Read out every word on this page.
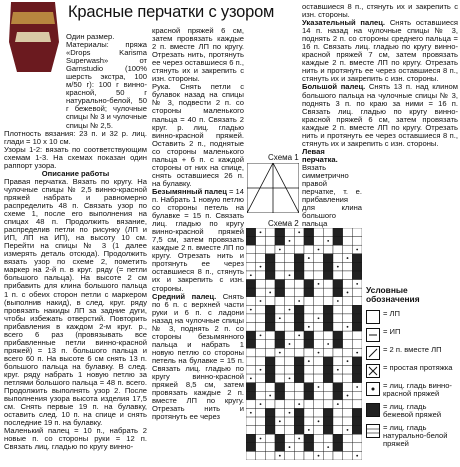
Красные перчатки с узором

Один размер.

Материалы: пряжа «Drops Karisma Superwash» от Garnstudio (100% шерсть экстра, 100 м/50 г): 100 г винно-красной, 50 г натурально-белой, 50 г бежевой; чулочные спицы № 3 и чулочные спицы № 2,5.

Плотность вязания: 23 п. и 32 р. лиц. глади = 10 х 10 см.

Узоры 1-2: вязать по соответствующим схемам 1-3. На схемах показан один раппорт узора.

Описание работы

Правая перчатка. Вязать по кругу. На чулочные спицы № 2,5 винно-красной пряжей набрать и равномерно распределить 48 п. Связать узор по схеме 1, после его выполнения на спицах 48 п. Продолжить вязание, распределив петли по рисунку (ЛП и ИП, ЛП на ИП), на высоту 10 см. Перейти на спицы № 3 (1 далее измерять деталь отсюда). Продолжить вязать узор по схеме 2, пометить маркер на 2-й п. в круг. ряду (= петли большого пальца). На высоте 2 см прибавить для клина большого пальца 1 п. с обеих сторон петли с маркером (выполнив накид), в след. круг. ряду провязать накиды ЛП за задние дуги, чтобы избежать отверстий. Повторить прибавления в каждом 2-м круг. р., всего 6 раз (провязывать все прибавленные петли винно-красной пряжей) = 13 п. большого пальца и всего 60 п. На высоте 6 см снять 13 п. большого пальца на булавку. В след. круг. ряду набрать 1 новую петлю за петлями большого пальца = 48 п. всего. Продолжить выполнять узор 2. После выполнения узора высота изделия 17,5 см. Снять первые 19 п. на булавку, оставить след. 10 п. на спице и снять последние 19 п. на булавку.

Маленький палец = 10 п., набрать 2 новые п. со стороны руки = 12 п. Связать лиц. гладью по кругу винно-

красной пряжей 6 см, затем провязать каждые 2 п. вместе ЛП по кругу. Отрезать нить, протянуть ее через оставшиеся 6 п., стянуть их и закрепить с изн. стороны.

Рука. Снять петли с булавок назад на спицы № 3, подвести 2 п. со стороны маленького пальца = 40 п. Связать 2 круг. р. лиц. гладью винно-красной пряжей. Оставить 2 п., поднятые со стороны маленького пальца + 6 п. с каждой стороны от них на спице, снять оставшиеся 26 п. на булавку.

Безымянный палец = 14 п. Набрать 1 новую петлю со стороны петель на булавке = 15 п. Связать лиц. гладью по кругу винно-красной пряжей 7,5 см, затем провязать каждые 2 п. вместе ЛП по кругу. Отрезать нить и протянуть ее через оставшиеся 8 п., стянуть их и закрепить с изн. стороны.

Средний палец. Снять по 6 п. с верхней части руки и 6 п. с ладони назад на чулочные спицы № 3, поднять 2 п. со стороны безымянного пальца и набрать 1 новую петлю со стороны петель на булавке = 15 п. Связать лиц. гладью по кругу винно-красной пряжей 8,5 см, затем провязать каждые 2 п. вместе ЛП по кругу. Отрезать нить и протянуть ее через

оставшиеся 8 п., стянуть их и закрепить с изн. стороны.

Указательный палец. Снять оставшиеся 14 п. назад на чулочные спицы № 3, поднять 2 п. со стороны среднего пальца = 16 п. Связать лиц. гладью по кругу винно-красной пряжей 7 см, затем провязать каждые 2 п. вместе ЛП по кругу. Отрезать нить и протянуть ее через оставшиеся 8 п., стянуть их и закрепить с изн. стороны.

Большой палец. Снять 13 п. над клином большого пальца на чулочные спицы № 3, поднять 3 п. по краю за ними = 16 п. Связать лиц. гладью по кругу винно-красной пряжей 6 см, затем провязать каждые 2 п. вместе ЛП по кругу. Отрезать нить и протянуть ее через оставшиеся 8 п., стянуть их и закрепить с изн. стороны.

Левая перчатка. Вязать симметрично правой перчатке, т. е. прибавления для клина большого пальца

Схема 1
Схема 2
Условные обозначения
= ЛП
= ИП
= 2 п. вместе ЛП
= простая протяжка
= лиц. гладь винно-красной пряжей
= лиц. гладь бежевой пряжей
= лиц. гладь натурально-белой пряжей
